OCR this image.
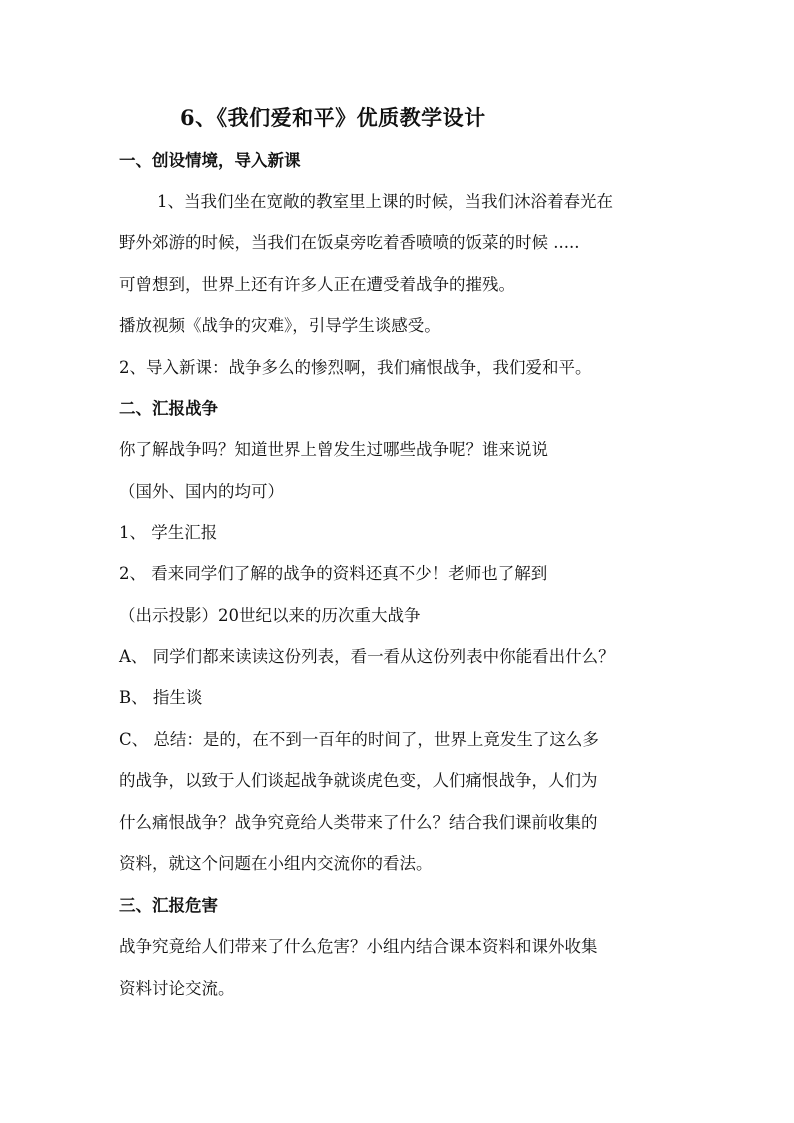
6、《我们爱和平》优质教学设计
一、创设情境，导入新课
1、当我们坐在宽敞的教室里上课的时候，当我们沐浴着春光在
野外郊游的时候，当我们在饭桌旁吃着香喷喷的饭菜的时候 .....
可曾想到，世界上还有许多人正在遭受着战争的摧残。
播放视频《战争的灾难》，引导学生谈感受。
2、导入新课：战争多么的惨烈啊，我们痛恨战争，我们爱和平。
二、汇报战争
你了解战争吗？知道世界上曾发生过哪些战争呢？谁来说说
（国外、国内的均可）
1、 学生汇报
2、 看来同学们了解的战争的资料还真不少！老师也了解到
（出示投影）20世纪以来的历次重大战争
A、 同学们都来读读这份列表，看一看从这份列表中你能看出什么？
B、 指生谈
C、 总结：是的，在不到一百年的时间了，世界上竟发生了这么多
的战争，以致于人们谈起战争就谈虎色变，人们痛恨战争，人们为
什么痛恨战争？战争究竟给人类带来了什么？结合我们课前收集的
资料，就这个问题在小组内交流你的看法。
三、汇报危害
战争究竟给人们带来了什么危害？小组内结合课本资料和课外收集
资料讨论交流。
